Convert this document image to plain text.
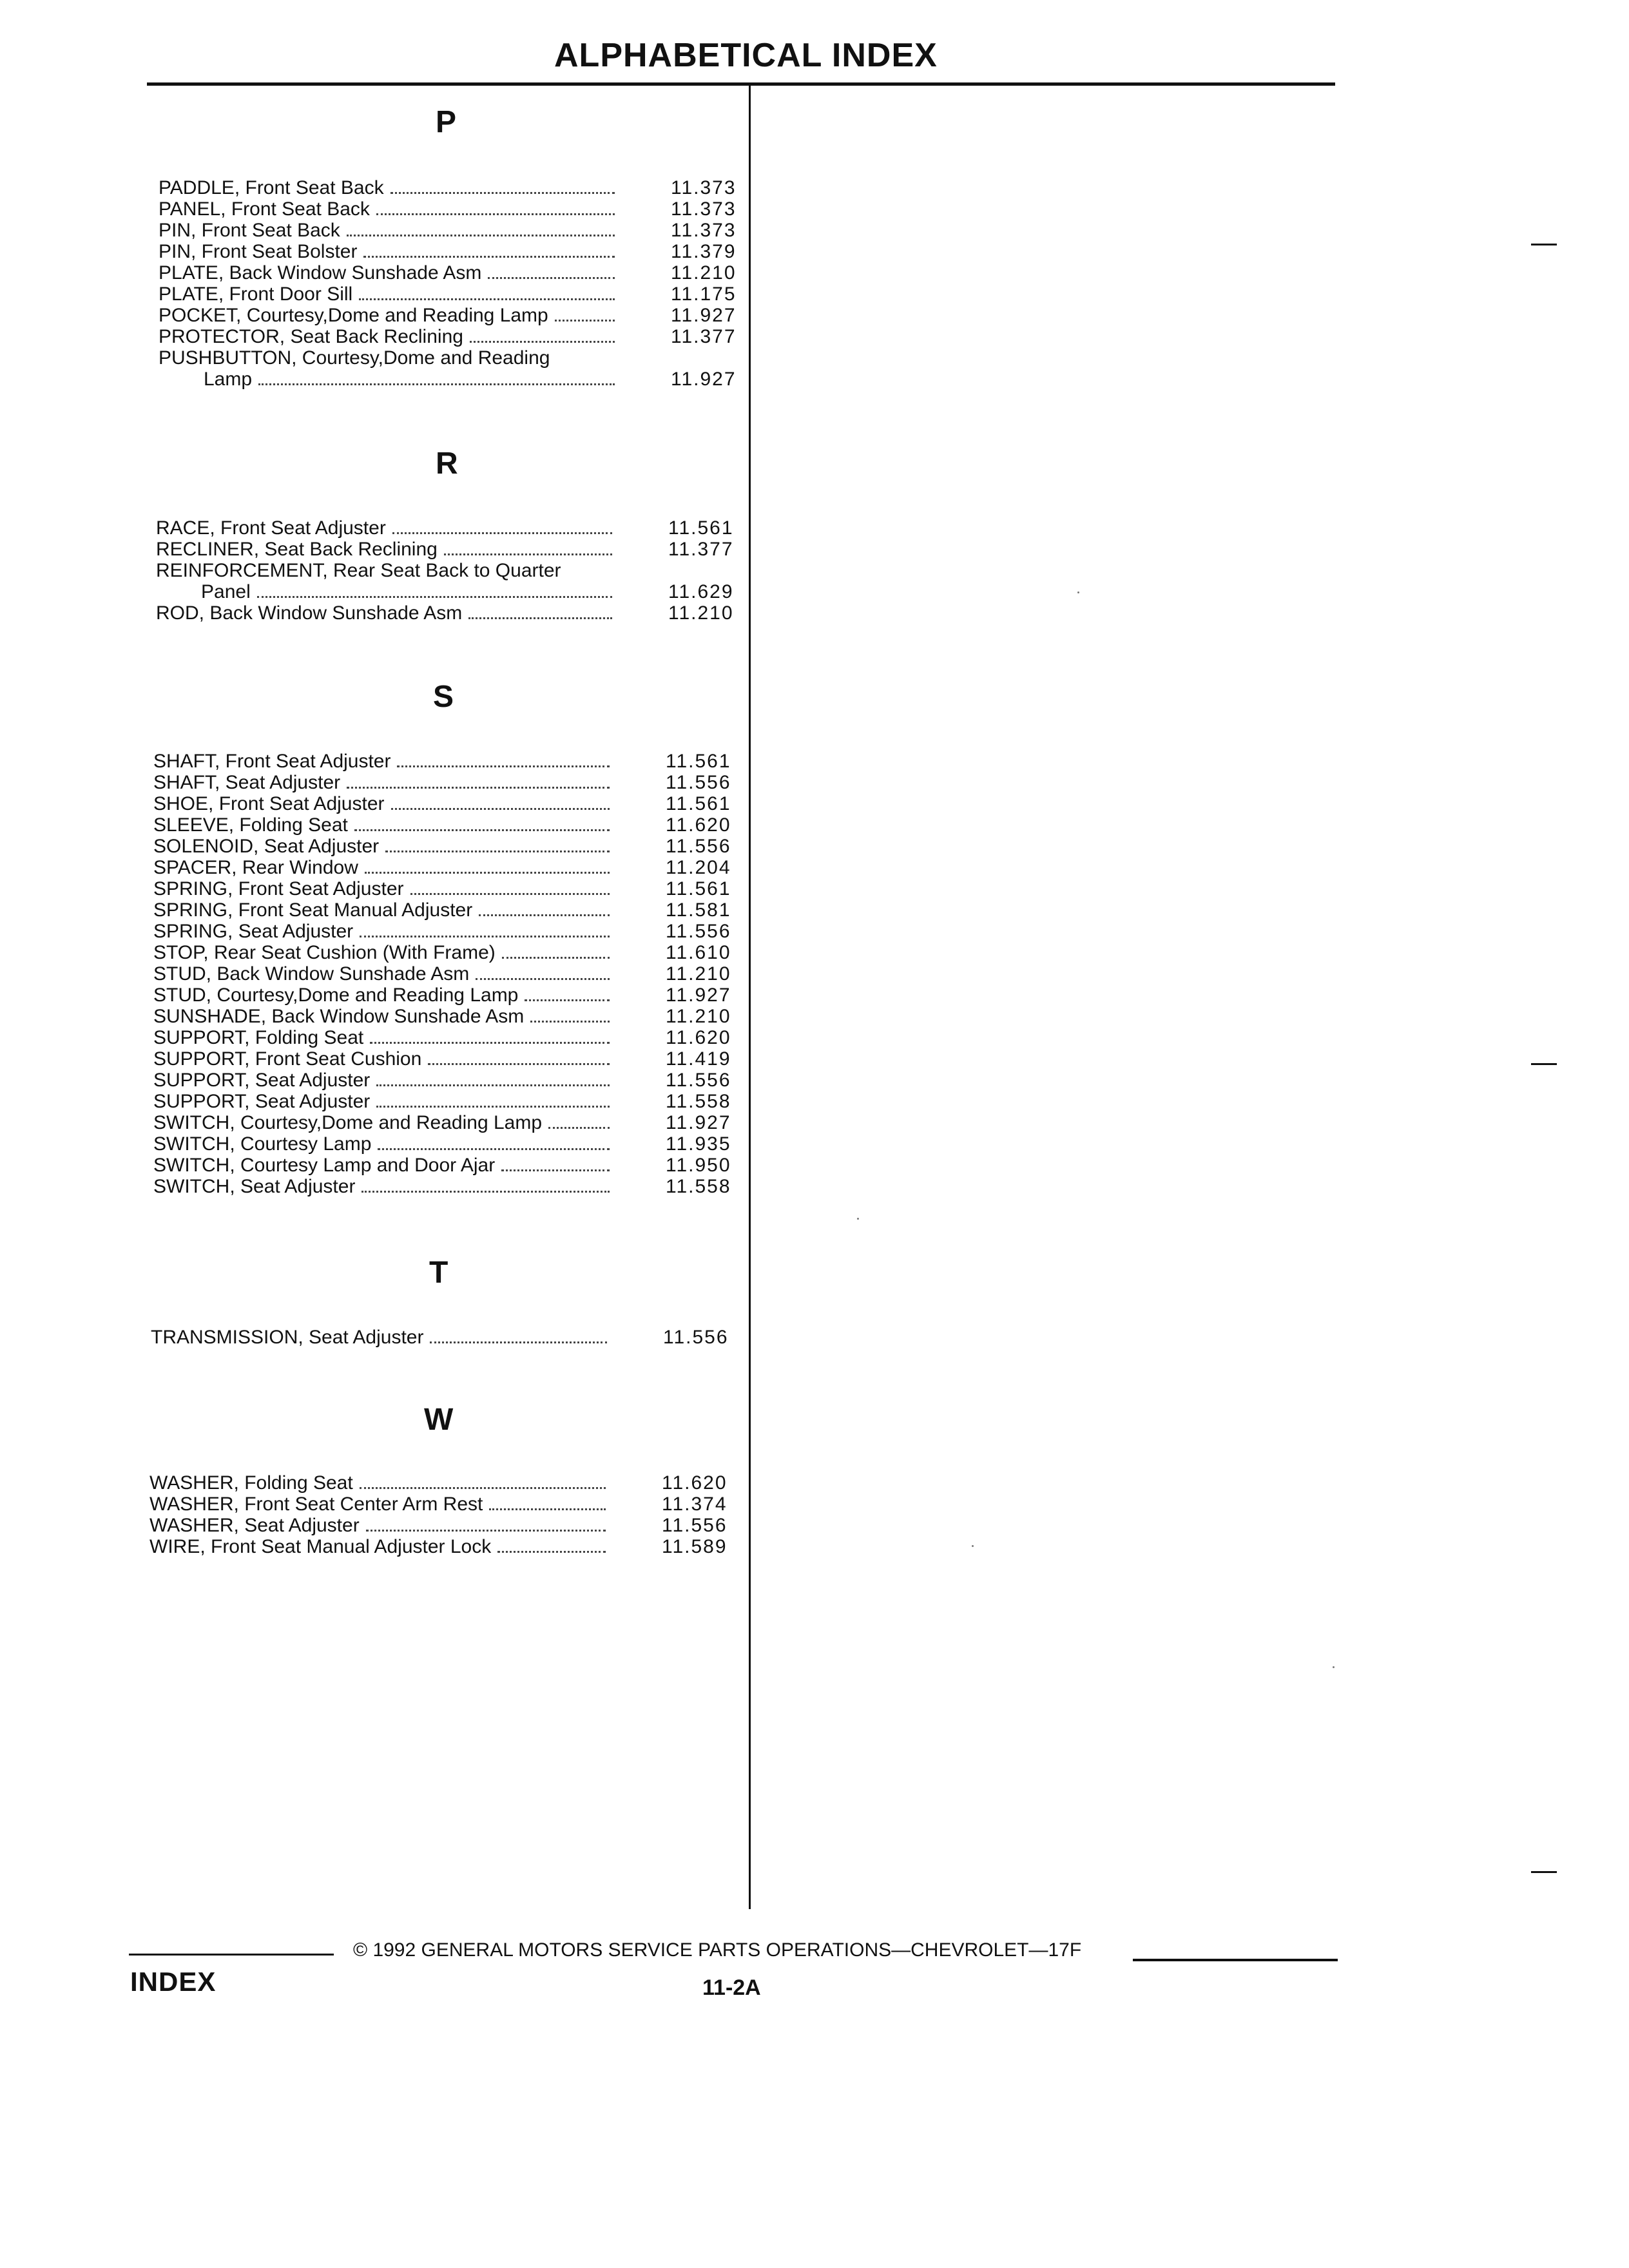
ALPHABETICAL INDEX
P
PADDLE, Front Seat Back	11.373
PANEL, Front Seat Back	11.373
PIN, Front Seat Back	11.373
PIN, Front Seat Bolster	11.379
PLATE, Back Window Sunshade Asm	11.210
PLATE, Front Door Sill	11.175
POCKET, Courtesy,Dome and Reading Lamp	11.927
PROTECTOR, Seat Back Reclining	11.377
PUSHBUTTON, Courtesy,Dome and Reading
Lamp	11.927
R
RACE, Front Seat Adjuster	11.561
RECLINER, Seat Back Reclining	11.377
REINFORCEMENT, Rear Seat Back to Quarter
Panel	11.629
ROD, Back Window Sunshade Asm	11.210
S
SHAFT, Front Seat Adjuster	11.561
SHAFT, Seat Adjuster	11.556
SHOE, Front Seat Adjuster	11.561
SLEEVE, Folding Seat	11.620
SOLENOID, Seat Adjuster	11.556
SPACER, Rear Window	11.204
SPRING, Front Seat Adjuster	11.561
SPRING, Front Seat Manual Adjuster	11.581
SPRING, Seat Adjuster	11.556
STOP, Rear Seat Cushion (With Frame)	11.610
STUD, Back Window Sunshade Asm	11.210
STUD, Courtesy,Dome and Reading Lamp	11.927
SUNSHADE, Back Window Sunshade Asm	11.210
SUPPORT, Folding Seat	11.620
SUPPORT, Front Seat Cushion	11.419
SUPPORT, Seat Adjuster	11.556
SUPPORT, Seat Adjuster	11.558
SWITCH, Courtesy,Dome and Reading Lamp	11.927
SWITCH, Courtesy Lamp	11.935
SWITCH, Courtesy Lamp and Door Ajar	11.950
SWITCH, Seat Adjuster	11.558
T
TRANSMISSION, Seat Adjuster	11.556
W
WASHER, Folding Seat	11.620
WASHER, Front Seat Center Arm Rest	11.374
WASHER, Seat Adjuster	11.556
WIRE, Front Seat Manual Adjuster Lock	11.589
© 1992 GENERAL MOTORS SERVICE PARTS OPERATIONS—CHEVROLET—17F
INDEX	11-2A
